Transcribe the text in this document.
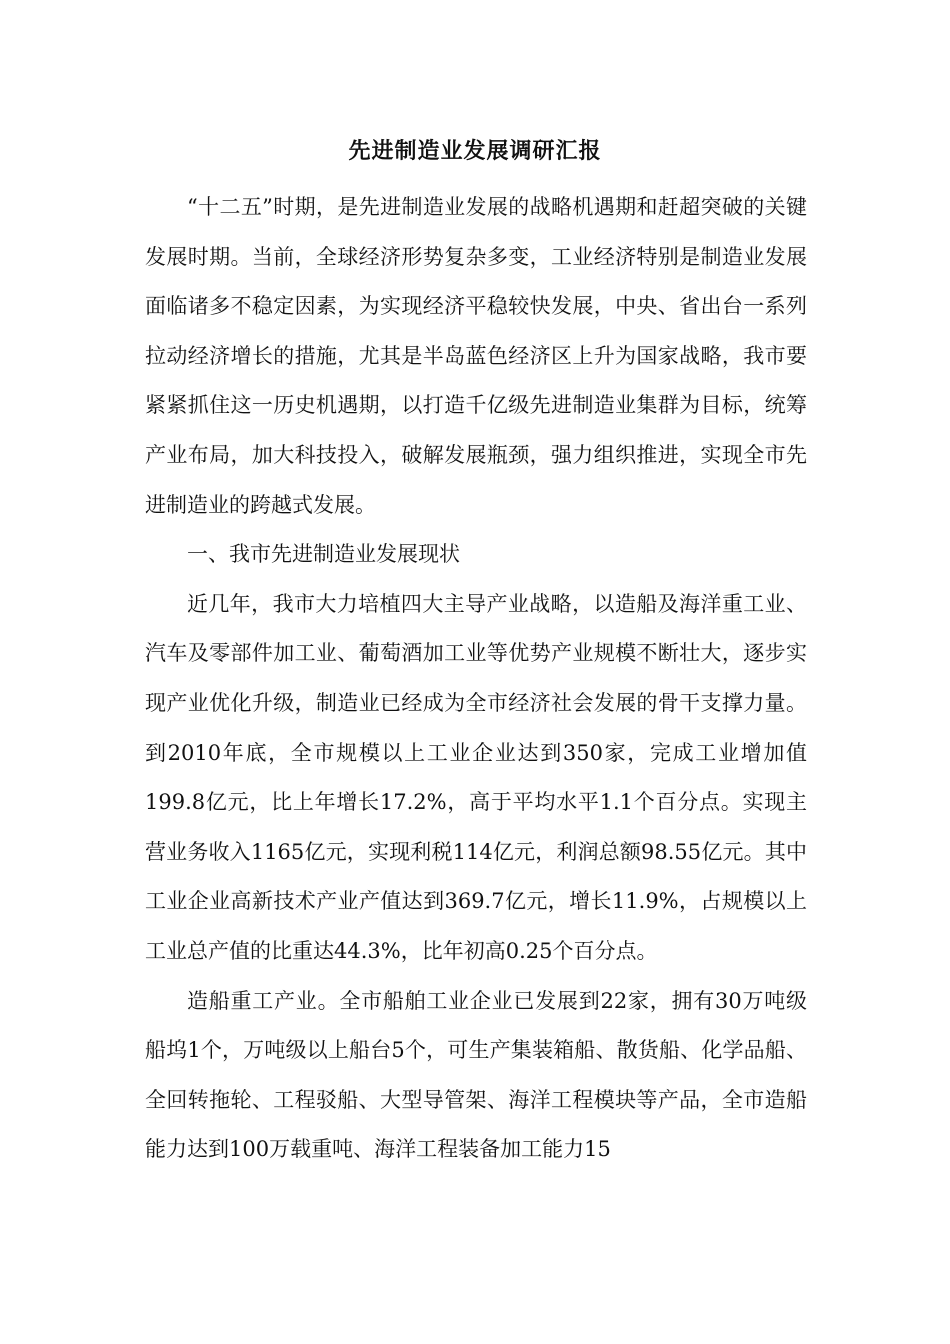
先进制造业发展调研汇报

“十二五”时期，是先进制造业发展的战略机遇期和赶超突破的关键发展时期。当前，全球经济形势复杂多变，工业经济特别是制造业发展面临诸多不稳定因素，为实现经济平稳较快发展，中央、省出台一系列拉动经济增长的措施，尤其是半岛蓝色经济区上升为国家战略，我市要紧紧抓住这一历史机遇期，以打造千亿级先进制造业集群为目标，统筹产业布局，加大科技投入，破解发展瓶颈，强力组织推进，实现全市先进制造业的跨越式发展。

一、我市先进制造业发展现状

近几年，我市大力培植四大主导产业战略，以造船及海洋重工业、汽车及零部件加工业、葡萄酒加工业等优势产业规模不断壮大，逐步实现产业优化升级，制造业已经成为全市经济社会发展的骨干支撑力量。到2010年底，全市规模以上工业企业达到350家，完成工业增加值199.8亿元，比上年增长17.2%，高于平均水平1.1个百分点。实现主营业务收入1165亿元，实现利税114亿元，利润总额98.55亿元。其中工业企业高新技术产业产值达到369.7亿元，增长11.9%，占规模以上工业总产值的比重达44.3%，比年初高0.25个百分点。

造船重工产业。全市船舶工业企业已发展到22家，拥有30万吨级船坞1个，万吨级以上船台5个，可生产集装箱船、散货船、化学品船、全回转拖轮、工程驳船、大型导管架、海洋工程模块等产品，全市造船能力达到100万载重吨、海洋工程装备加工能力15
